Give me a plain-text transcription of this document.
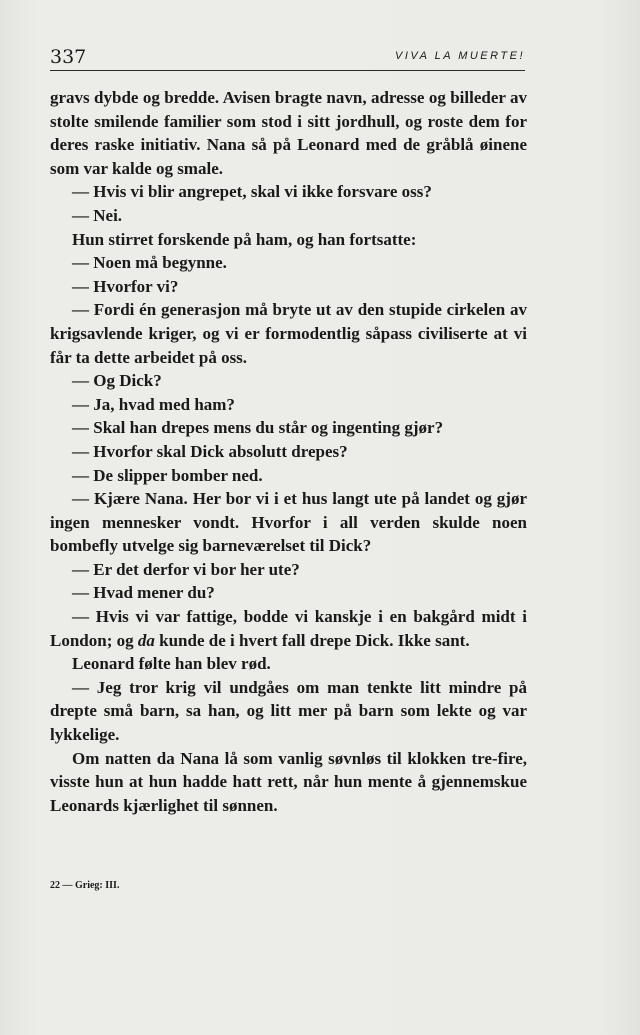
337	VIVA LA MUERTE!

gravs dybde og bredde. Avisen bragte navn, adresse og billeder av stolte smilende familier som stod i sitt jordhull, og roste dem for deres raske initiativ. Nana så på Leonard med de gråblå øinene som var kalde og smale.

— Hvis vi blir angrepet, skal vi ikke forsvare oss?

— Nei.

Hun stirret forskende på ham, og han fortsatte:

— Noen må begynne.

— Hvorfor vi?

— Fordi én generasjon må bryte ut av den stupide cirkelen av krigsavlende kriger, og vi er formodentlig såpass civiliserte at vi får ta dette arbeidet på oss.

— Og Dick?

— Ja, hvad med ham?

— Skal han drepes mens du står og ingenting gjør?

— Hvorfor skal Dick absolutt drepes?

— De slipper bomber ned.

— Kjære Nana. Her bor vi i et hus langt ute på landet og gjør ingen mennesker vondt. Hvorfor i all verden skulde noen bombefly utvelge sig barneværelset til Dick?

— Er det derfor vi bor her ute?

— Hvad mener du?

— Hvis vi var fattige, bodde vi kanskje i en bakgård midt i London; og da kunde de i hvert fall drepe Dick. Ikke sant.

Leonard følte han blev rød.

— Jeg tror krig vil undgåes om man tenkte litt mindre på drepte små barn, sa han, og litt mer på barn som lekte og var lykkelige.

Om natten da Nana lå som vanlig søvnløs til klokken tre-fire, visste hun at hun hadde hatt rett, når hun mente å gjennemskue Leonards kjærlighet til sønnen.

22 — Grieg: III.
